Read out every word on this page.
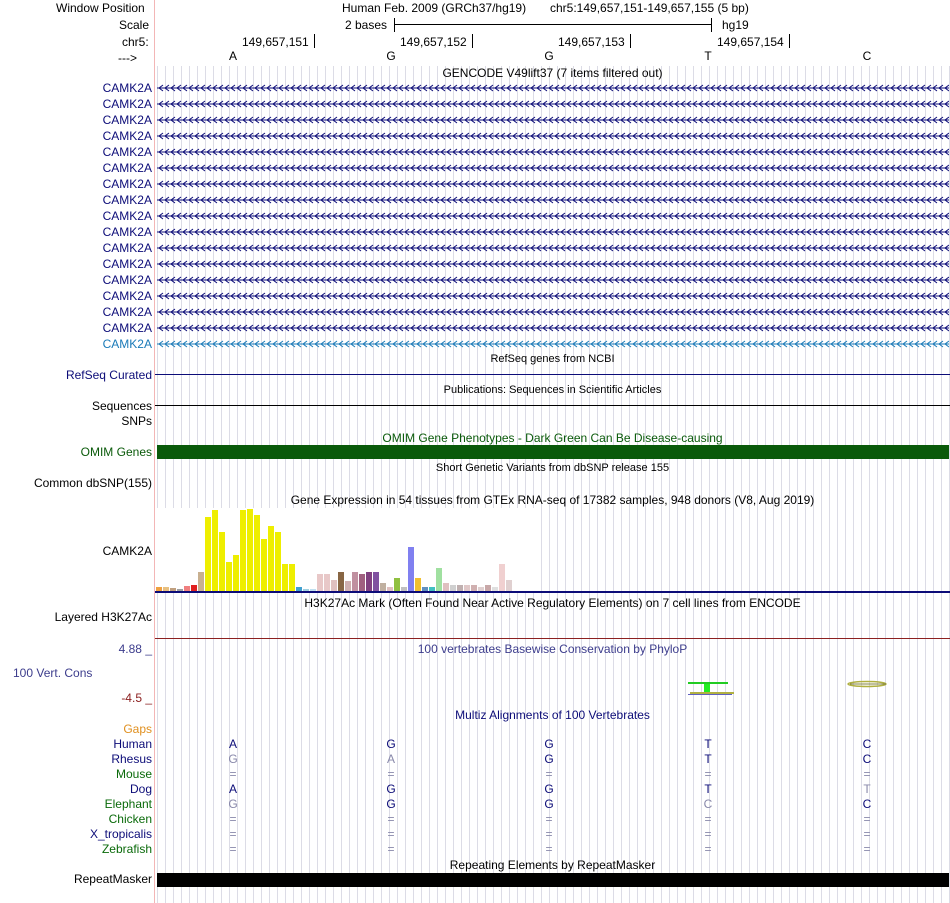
Window Position	Human Feb. 2009 (GRCh37/hg19) chr5:149,657,151-149,657,155 (5 bp)
Scale	2 bases	hg19
chr5:
--->
GENCODE V49lift37 (7 items filtered out)
RefSeq genes from NCBI
RefSeq Curated
Publications: Sequences in Scientific Articles
Sequences
SNPs
OMIM Gene Phenotypes - Dark Green Can Be Disease-causing
OMIM Genes
Short Genetic Variants from dbSNP release 155
Common dbSNP(155)
Gene Expression in 54 tissues from GTEx RNA-seq of 17382 samples, 948 donors (V8, Aug 2019)
CAMK2A
H3K27Ac Mark (Often Found Near Active Regulatory Elements) on 7 cell lines from ENCODE
Layered H3K27Ac
4.88 _	100 vertebrates Basewise Conservation by PhyloP
100 Vert. Cons
-4.5 _
Multiz Alignments of 100 Vertebrates
Gaps
Repeating Elements by RepeatMasker
RepeatMasker
149,657,151	149,657,152	149,657,153	149,657,154
A	G	G	T	C
CAMK2A
CAMK2A
CAMK2A
CAMK2A
CAMK2A
CAMK2A
CAMK2A
CAMK2A
CAMK2A
CAMK2A
CAMK2A
CAMK2A
CAMK2A
CAMK2A
CAMK2A
CAMK2A
CAMK2A
Human	A	G	G	T	C
Rhesus	G	A	G	T	C
Mouse	=	=	=	=	=
Dog	A	G	G	T	T
Elephant	G	G	G	C	C
Chicken	=	=	=	=	=
X_tropicalis	=	=	=	=	=
Zebrafish	=	=	=	=	=
